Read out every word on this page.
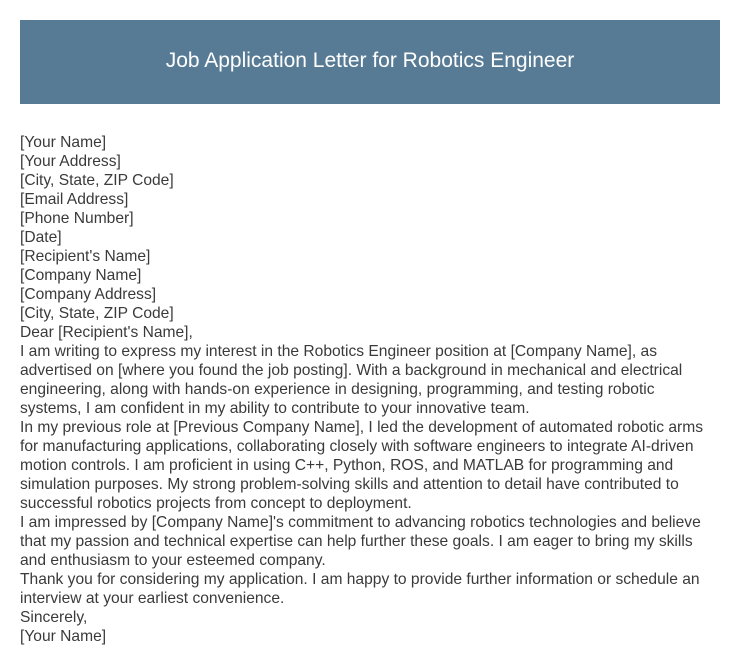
Job Application Letter for Robotics Engineer
[Your Name]
[Your Address]
[City, State, ZIP Code]
[Email Address]
[Phone Number]
[Date]
[Recipient's Name]
[Company Name]
[Company Address]
[City, State, ZIP Code]
Dear [Recipient's Name],
I am writing to express my interest in the Robotics Engineer position at [Company Name], as
advertised on [where you found the job posting]. With a background in mechanical and electrical
engineering, along with hands-on experience in designing, programming, and testing robotic
systems, I am confident in my ability to contribute to your innovative team.
In my previous role at [Previous Company Name], I led the development of automated robotic arms
for manufacturing applications, collaborating closely with software engineers to integrate AI-driven
motion controls. I am proficient in using C++, Python, ROS, and MATLAB for programming and
simulation purposes. My strong problem-solving skills and attention to detail have contributed to
successful robotics projects from concept to deployment.
I am impressed by [Company Name]'s commitment to advancing robotics technologies and believe
that my passion and technical expertise can help further these goals. I am eager to bring my skills
and enthusiasm to your esteemed company.
Thank you for considering my application. I am happy to provide further information or schedule an
interview at your earliest convenience.
Sincerely,
[Your Name]
